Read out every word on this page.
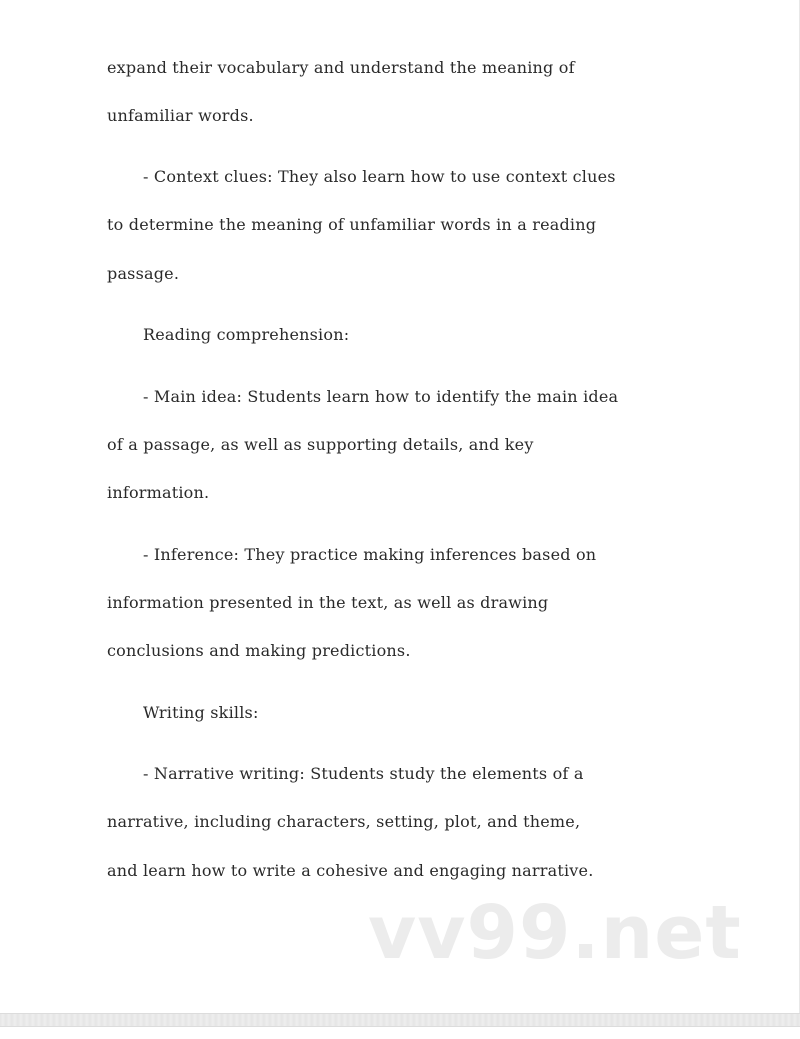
expand their vocabulary and understand the meaning of

unfamiliar words.

- Context clues: They also learn how to use context clues

to determine the meaning of unfamiliar words in a reading

passage.

Reading comprehension:

- Main idea: Students learn how to identify the main idea

of a passage, as well as supporting details, and key

information.

- Inference: They practice making inferences based on

information presented in the text, as well as drawing

conclusions and making predictions.

Writing skills:

- Narrative writing: Students study the elements of a

narrative, including characters, setting, plot, and theme,

and learn how to write a cohesive and engaging narrative.

vv99.net
